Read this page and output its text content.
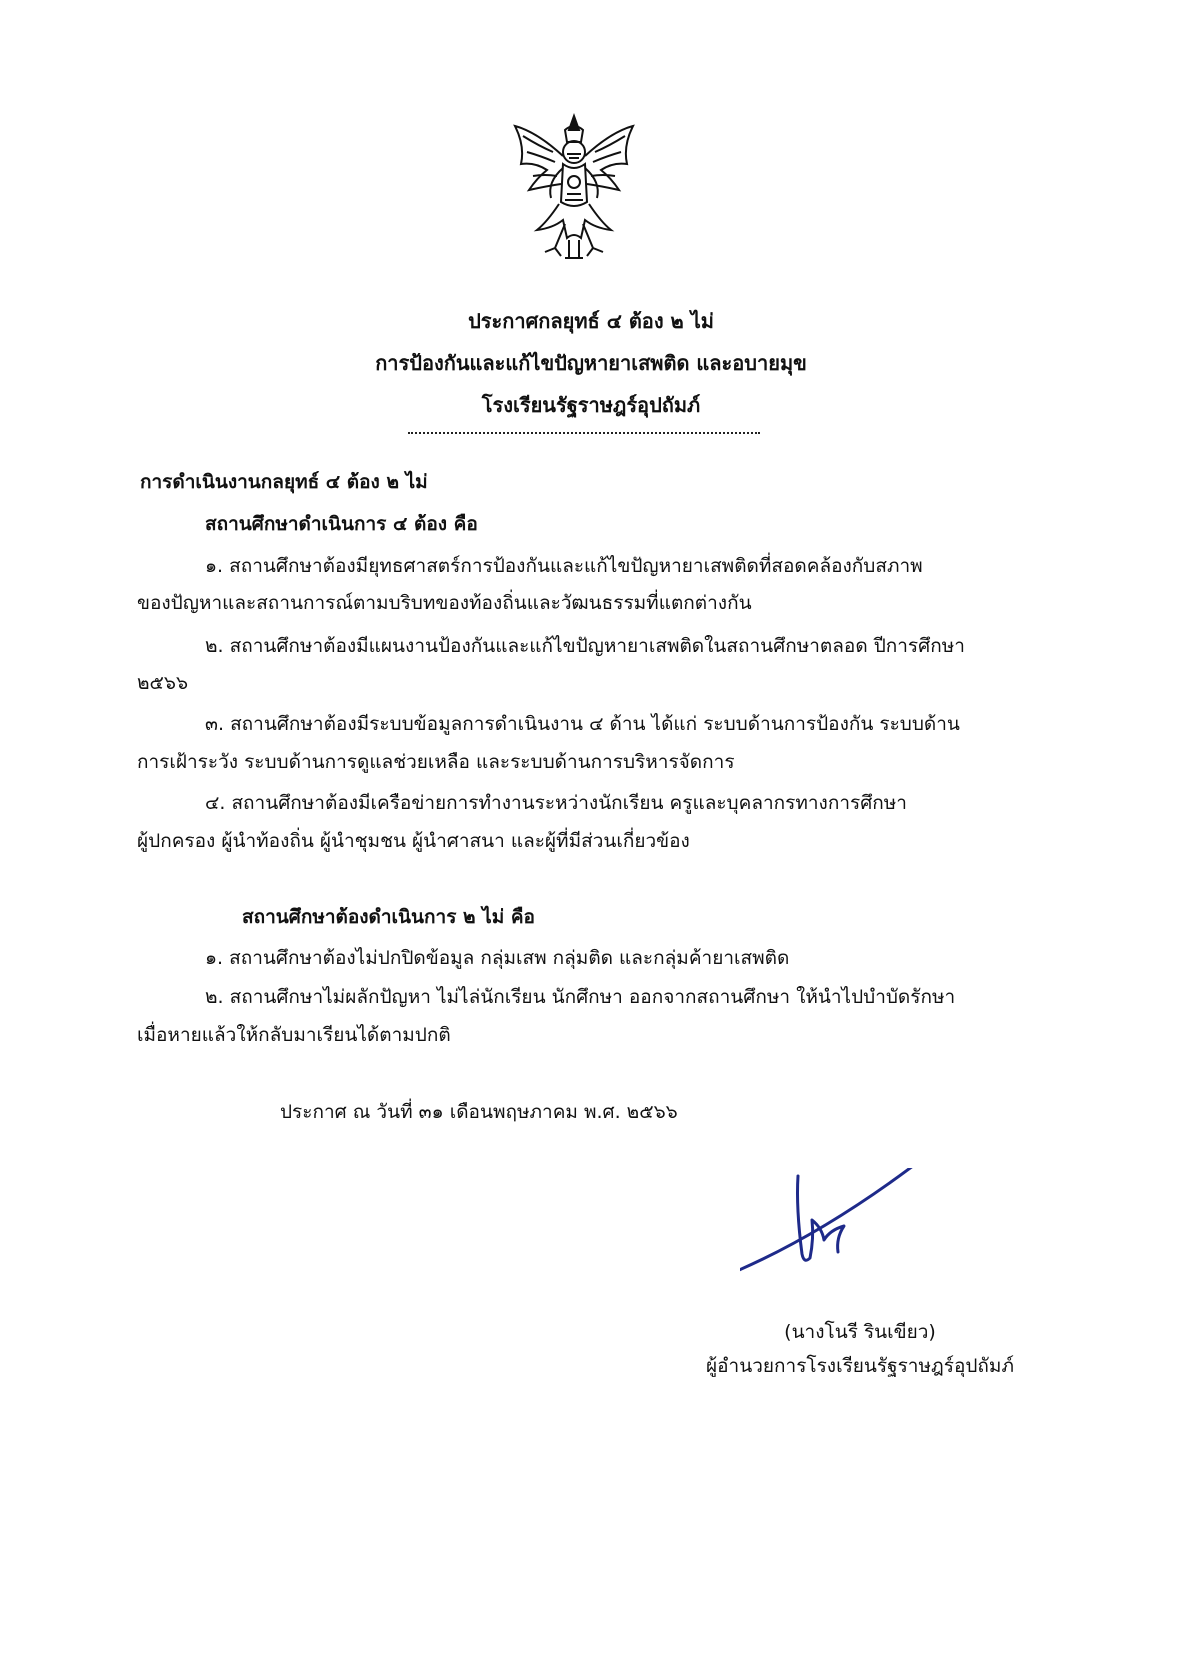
ประกาศกลยุทธ์ ๔ ต้อง ๒ ไม่
การป้องกันและแก้ไขปัญหายาเสพติด และอบายมุข
โรงเรียนรัฐราษฎร์อุปถัมภ์
การดำเนินงานกลยุทธ์ ๔ ต้อง ๒ ไม่
สถานศึกษาดำเนินการ ๔ ต้อง คือ
๑. สถานศึกษาต้องมียุทธศาสตร์การป้องกันและแก้ไขปัญหายาเสพติดที่สอดคล้องกับสภาพ
ของปัญหาและสถานการณ์ตามบริบทของท้องถิ่นและวัฒนธรรมที่แตกต่างกัน
๒. สถานศึกษาต้องมีแผนงานป้องกันและแก้ไขปัญหายาเสพติดในสถานศึกษาตลอด ปีการศึกษา
๒๕๖๖
๓. สถานศึกษาต้องมีระบบข้อมูลการดำเนินงาน ๔ ด้าน ได้แก่ ระบบด้านการป้องกัน ระบบด้าน
การเฝ้าระวัง ระบบด้านการดูแลช่วยเหลือ และระบบด้านการบริหารจัดการ
๔. สถานศึกษาต้องมีเครือข่ายการทำงานระหว่างนักเรียน ครูและบุคลากรทางการศึกษา
ผู้ปกครอง ผู้นำท้องถิ่น ผู้นำชุมชน ผู้นำศาสนา และผู้ที่มีส่วนเกี่ยวข้อง
สถานศึกษาต้องดำเนินการ ๒ ไม่ คือ
๑. สถานศึกษาต้องไม่ปกปิดข้อมูล กลุ่มเสพ กลุ่มติด และกลุ่มค้ายาเสพติด
๒. สถานศึกษาไม่ผลักปัญหา ไม่ไล่นักเรียน นักศึกษา ออกจากสถานศึกษา ให้นำไปบำบัดรักษา
เมื่อหายแล้วให้กลับมาเรียนได้ตามปกติ
ประกาศ ณ วันที่ ๓๑ เดือนพฤษภาคม พ.ศ. ๒๕๖๖
(นางโนรี รินเขียว)
ผู้อำนวยการโรงเรียนรัฐราษฎร์อุปถัมภ์
